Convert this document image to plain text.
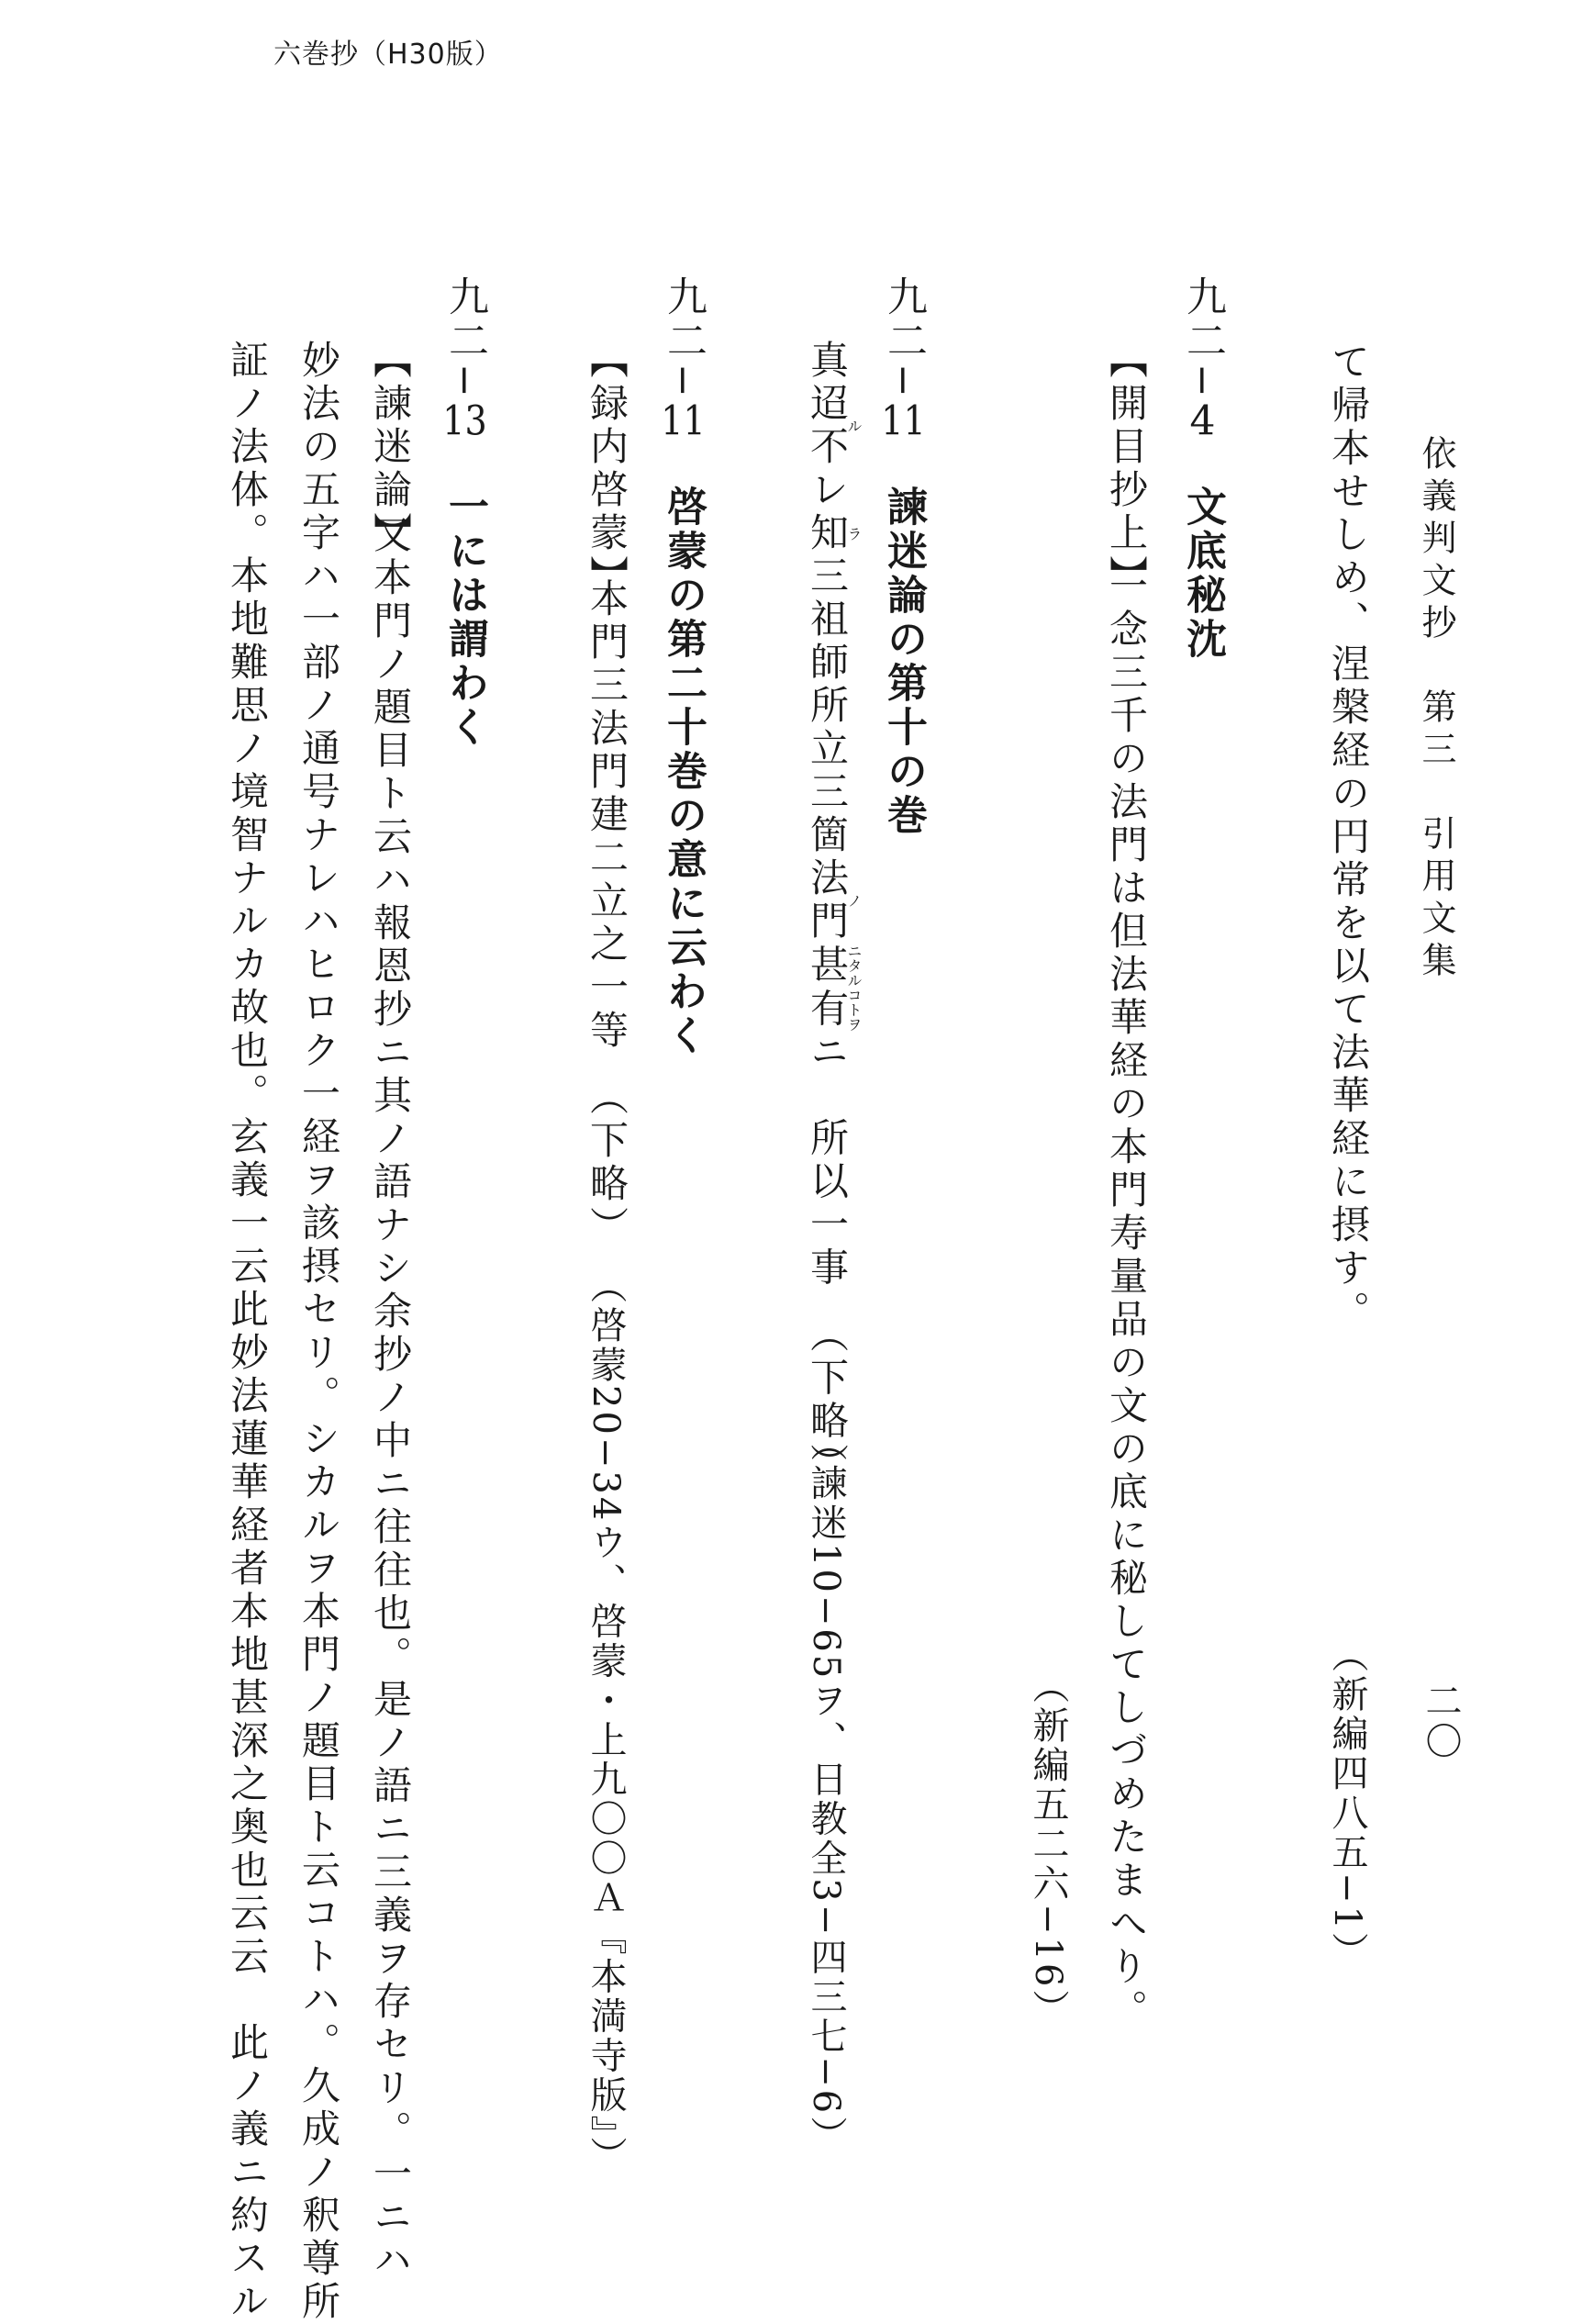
六巻抄（H30版）
依義判文抄　第三　引用文集
二〇
て帰本せしめ、涅槃経の円常を以て法華経に摂す。
（新編四八五−1）
九二−4　文底秘沈
【開目抄上】
一念三千の法門は但法華経の本門寿量品の文の底に秘してしづめたまへり。
（新編五二六−16）
九二−11　諫迷論の第十の巻
真迢不ルレ知ラ三祖師所立三箇法門ノ甚有ニタルコトヲニ　所以一事　（下略）
（諫迷10−65ヲ、日教全3−四三七−6）
九二−11　啓蒙の第二十巻の意に云わく
【録内啓蒙】
本門三法門建二立之一等　（下略）
（啓蒙20−34ウ、啓蒙・上九〇〇Ａ『本満寺版』）
九二−13　一には謂わく
【諫迷論】
又本門ノ題目ト云ハ報恩抄ニ其ノ語ナシ余抄ノ中ニ往往也。是ノ語ニ三義ヲ存セリ。一ニハ
妙法の五字ハ一部ノ通号ナレハヒロク一経ヲ該摂セリ。シカルヲ本門ノ題目ト云コトハ。久成ノ釈尊所
証ノ法体。本地難思ノ境智ナルカ故也。玄義一云此妙法蓮華経者本地甚深之奥也云云　此ノ義ニ約スル
